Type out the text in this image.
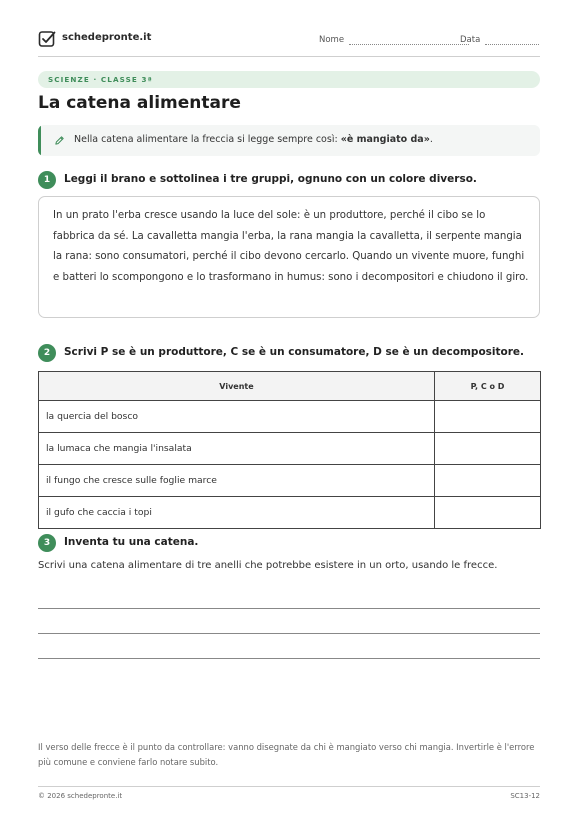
schedepronte.it	Nome	Data
SCIENZE · CLASSE 3ª
La catena alimentare
Nella catena alimentare la freccia si legge sempre così: «è mangiato da».
1	Leggi il brano e sottolinea i tre gruppi, ognuno con un colore diverso.

In un prato l'erba cresce usando la luce del sole: è un produttore, perché il cibo se lo fabbrica da sé. La cavalletta mangia l'erba, la rana mangia la cavalletta, il serpente mangia la rana: sono consumatori, perché il cibo devono cercarlo. Quando un vivente muore, funghi e batteri lo scompongono e lo trasformano in humus: sono i decompositori e chiudono il giro.

2	Scrivi P se è un produttore, C se è un consumatore, D se è un decompositore.
Vivente	P, C o D
la quercia del bosco	
la lumaca che mangia l'insalata	
il fungo che cresce sulle foglie marce	
il gufo che caccia i topi	
3	Inventa tu una catena.
Scrivi una catena alimentare di tre anelli che potrebbe esistere in un orto, usando le frecce.
Il verso delle frecce è il punto da controllare: vanno disegnate da chi è mangiato verso chi mangia. Invertirle è l'errore più comune e conviene farlo notare subito.
© 2026 schedepronte.it	SC13-12
